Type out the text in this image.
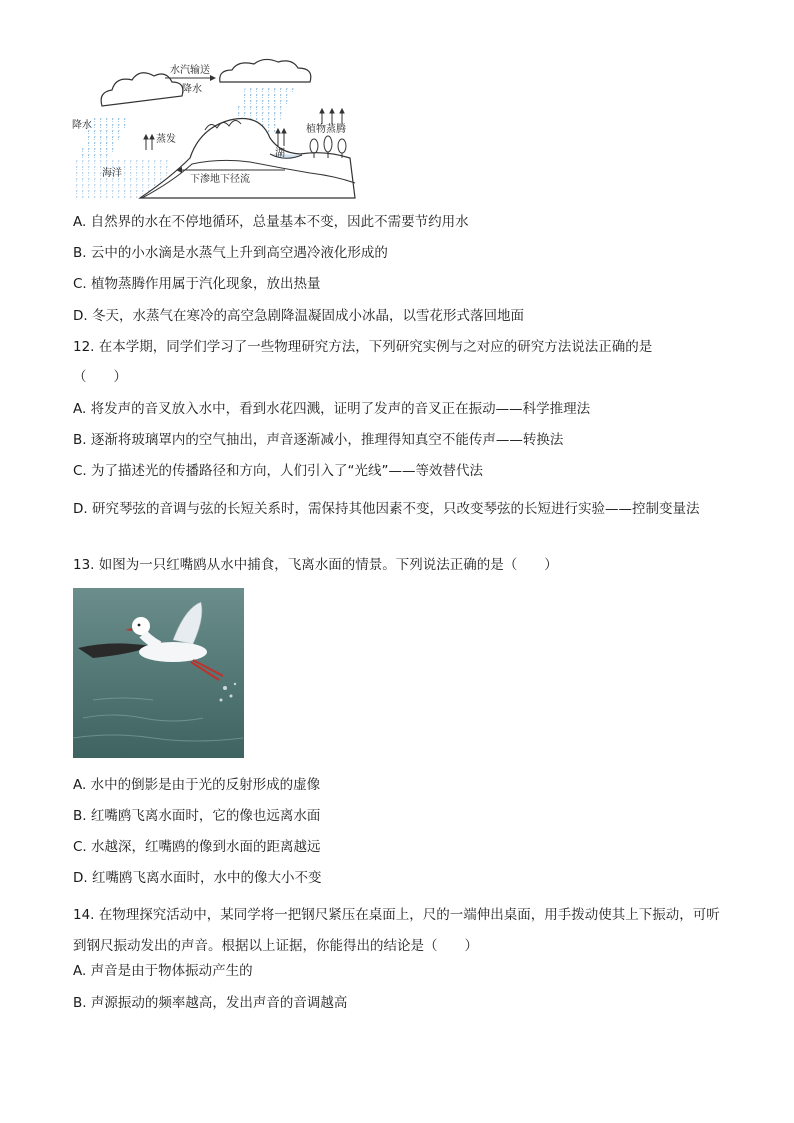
水汽输送
降水
降水
海洋
蒸发
下渗地下径流
湖
植物蒸腾
A. 自然界的水在不停地循环，总量基本不变，因此不需要节约用水
B. 云中的小水滴是水蒸气上升到高空遇冷液化形成的
C. 植物蒸腾作用属于汽化现象，放出热量
D. 冬天，水蒸气在寒冷的高空急剧降温凝固成小冰晶，以雪花形式落回地面
12. 在本学期，同学们学习了一些物理研究方法，下列研究实例与之对应的研究方法说法正确的是
（　　）
A. 将发声的音叉放入水中，看到水花四溅，证明了发声的音叉正在振动——科学推理法
B. 逐渐将玻璃罩内的空气抽出，声音逐渐减小，推理得知真空不能传声——转换法
C. 为了描述光的传播路径和方向，人们引入了“光线”——等效替代法
D. 研究琴弦的音调与弦的长短关系时，需保持其他因素不变，只改变琴弦的长短进行实验——控制变量法
13. 如图为一只红嘴鸥从水中捕食，飞离水面的情景。下列说法正确的是（　　）
A. 水中的倒影是由于光的反射形成的虚像
B. 红嘴鸥飞离水面时，它的像也远离水面
C. 水越深，红嘴鸥的像到水面的距离越远
D. 红嘴鸥飞离水面时，水中的像大小不变
14. 在物理探究活动中，某同学将一把钢尺紧压在桌面上，尺的一端伸出桌面，用手拨动使其上下振动，可听到钢尺振动发出的声音。根据以上证据，你能得出的结论是（　　）
A. 声音是由于物体振动产生的
B. 声源振动的频率越高，发出声音的音调越高
